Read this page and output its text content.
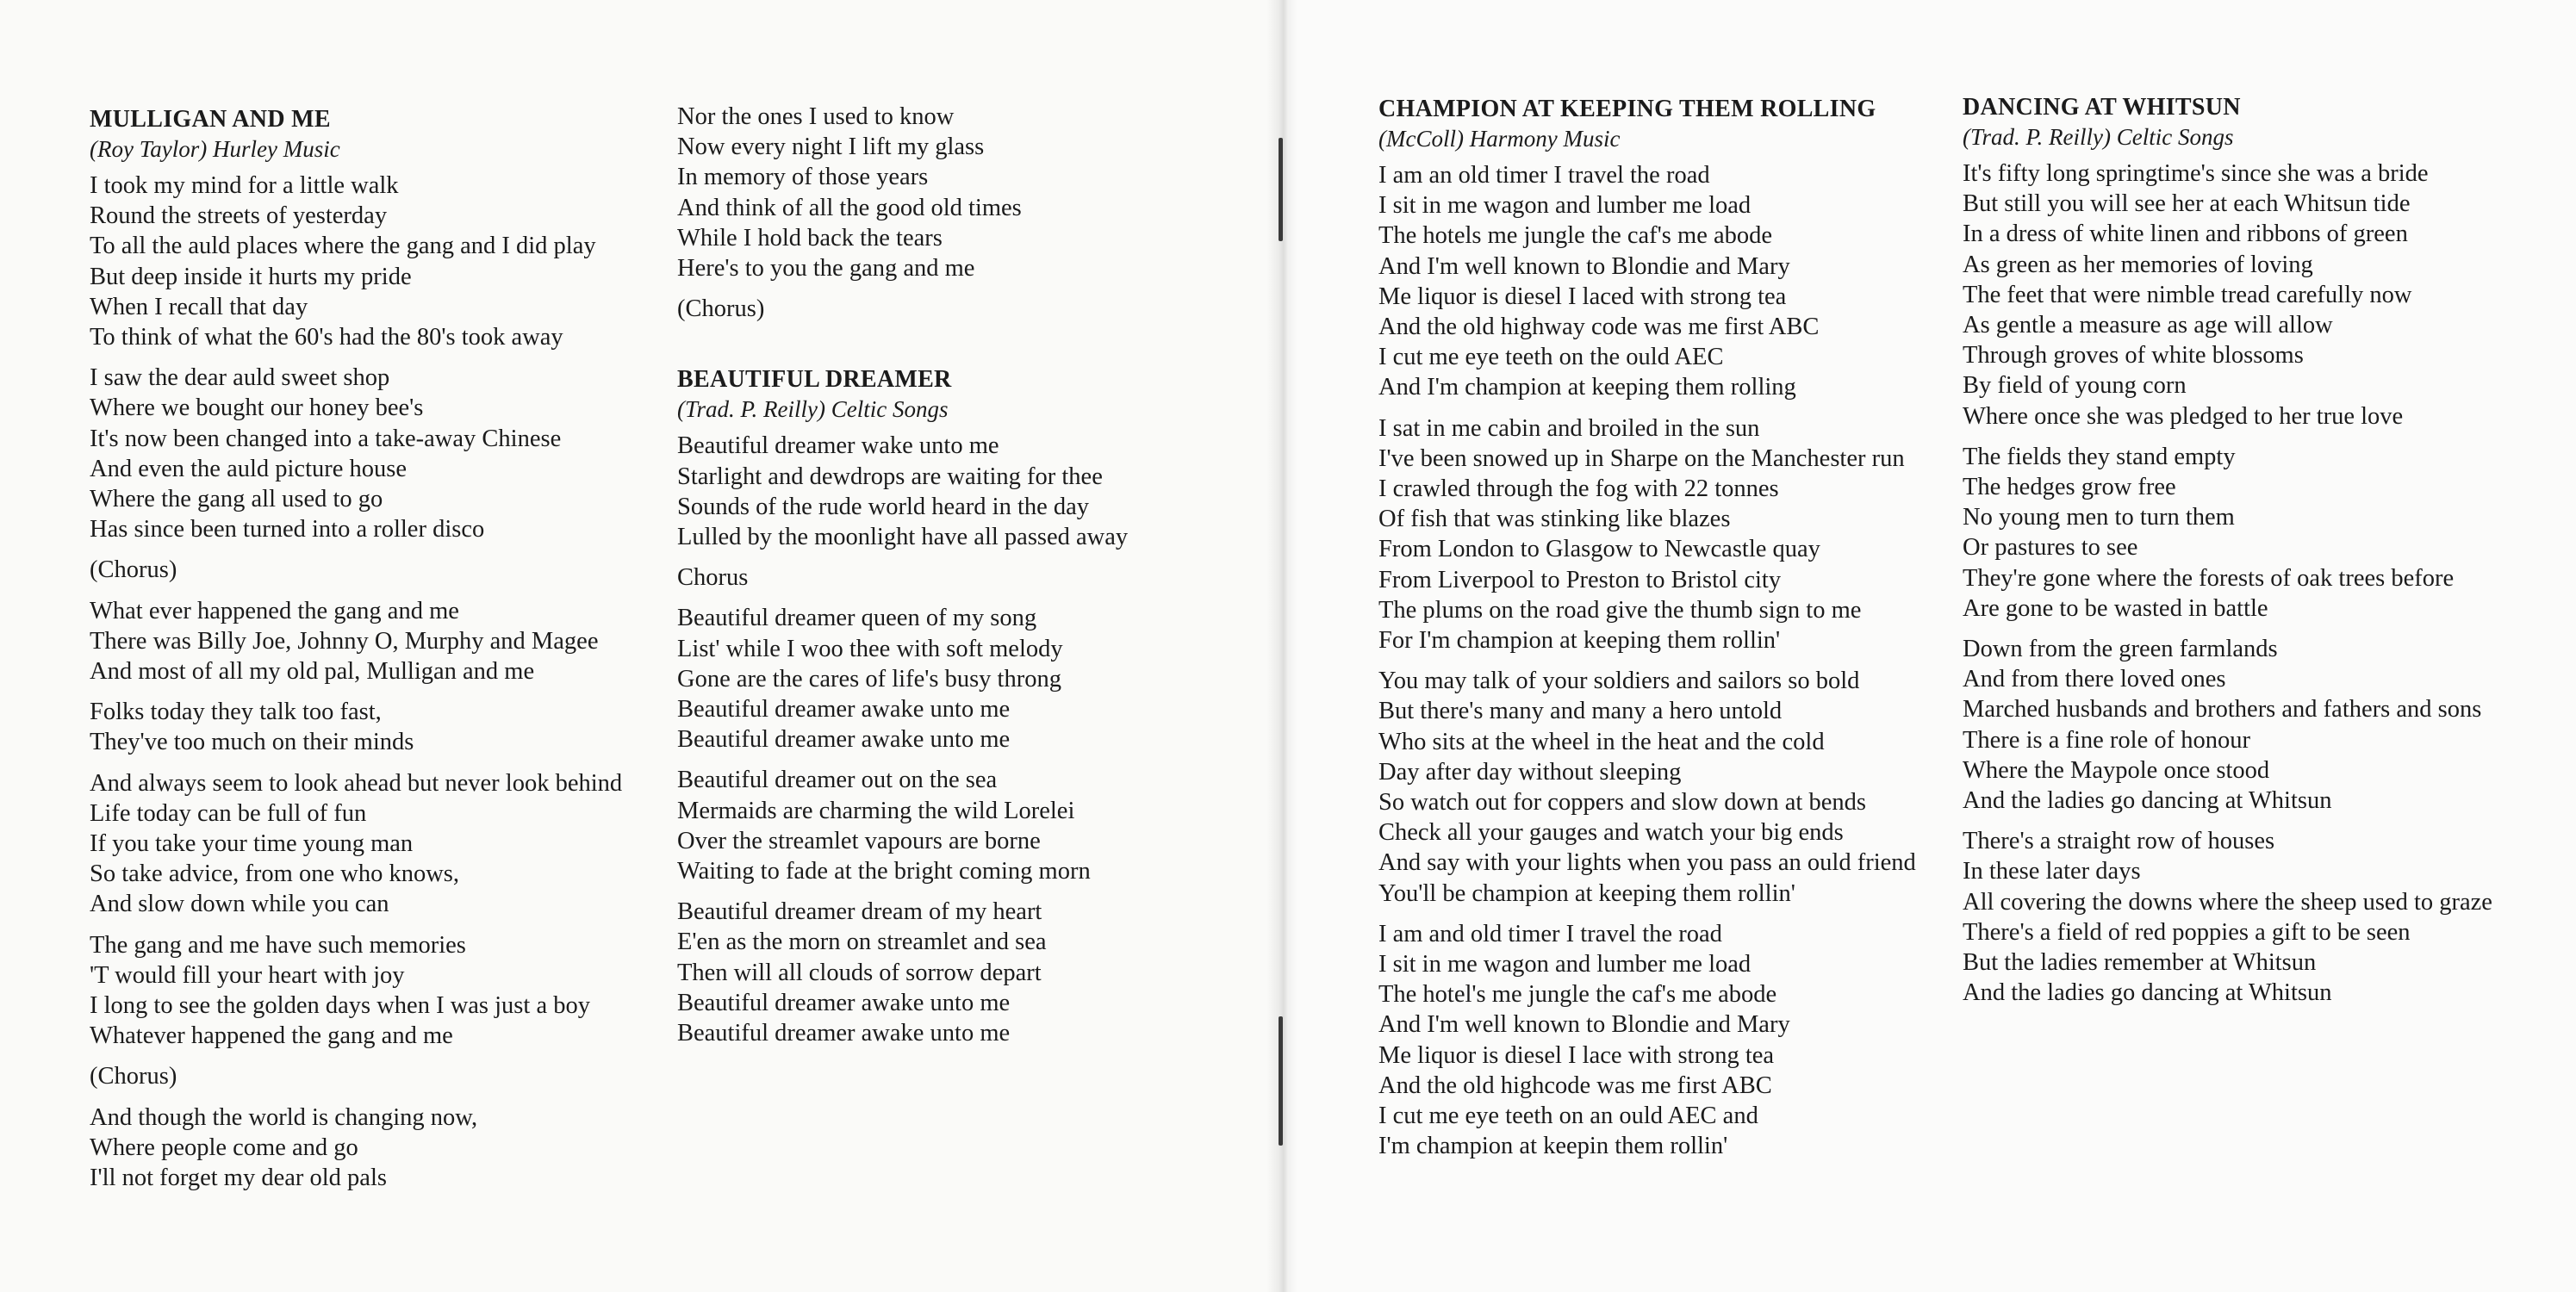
MULLIGAN AND ME
(Roy Taylor) Hurley Music
I took my mind for a little walk
Round the streets of yesterday
To all the auld places where the gang and I did play
But deep inside it hurts my pride
When I recall that day
To think of what the 60's had the 80's took away
I saw the dear auld sweet shop
Where we bought our honey bee's
It's now been changed into a take-away Chinese
And even the auld picture house
Where the gang all used to go
Has since been turned into a roller disco
(Chorus)
What ever happened the gang and me
There was Billy Joe, Johnny O, Murphy and Magee
And most of all my old pal, Mulligan and me
Folks today they talk too fast,
They've too much on their minds
And always seem to look ahead but never look behind
Life today can be full of fun
If you take your time young man
So take advice, from one who knows,
And slow down while you can
The gang and me have such memories
'T would fill your heart with joy
I long to see the golden days when I was just a boy
Whatever happened the gang and me
(Chorus)
And though the world is changing now,
Where people come and go
I'll not forget my dear old pals
Nor the ones I used to know
Now every night I lift my glass
In memory of those years
And think of all the good old times
While I hold back the tears
Here's to you the gang and me
(Chorus)
BEAUTIFUL DREAMER
(Trad. P. Reilly) Celtic Songs
Beautiful dreamer wake unto me
Starlight and dewdrops are waiting for thee
Sounds of the rude world heard in the day
Lulled by the moonlight have all passed away
Chorus
Beautiful dreamer queen of my song
List' while I woo thee with soft melody
Gone are the cares of life's busy throng
Beautiful dreamer awake unto me
Beautiful dreamer awake unto me
Beautiful dreamer out on the sea
Mermaids are charming the wild Lorelei
Over the streamlet vapours are borne
Waiting to fade at the bright coming morn
Beautiful dreamer dream of my heart
E'en as the morn on streamlet and sea
Then will all clouds of sorrow depart
Beautiful dreamer awake unto me
Beautiful dreamer awake unto me
CHAMPION AT KEEPING THEM ROLLING
(McColl) Harmony Music
I am an old timer I travel the road
I sit in me wagon and lumber me load
The hotels me jungle the caf's me abode
And I'm well known to Blondie and Mary
Me liquor is diesel I laced with strong tea
And the old highway code was me first ABC
I cut me eye teeth on the ould AEC
And I'm champion at keeping them rolling
I sat in me cabin and broiled in the sun
I've been snowed up in Sharpe on the Manchester run
I crawled through the fog with 22 tonnes
Of fish that was stinking like blazes
From London to Glasgow to Newcastle quay
From Liverpool to Preston to Bristol city
The plums on the road give the thumb sign to me
For I'm champion at keeping them rollin'
You may talk of your soldiers and sailors so bold
But there's many and many a hero untold
Who sits at the wheel in the heat and the cold
Day after day without sleeping
So watch out for coppers and slow down at bends
Check all your gauges and watch your big ends
And say with your lights when you pass an ould friend
You'll be champion at keeping them rollin'
I am and old timer I travel the road
I sit in me wagon and lumber me load
The hotel's me jungle the caf's me abode
And I'm well known to Blondie and Mary
Me liquor is diesel I lace with strong tea
And the old highcode was me first ABC
I cut me eye teeth on an ould AEC and
I'm champion at keepin them rollin'
DANCING AT WHITSUN
(Trad. P. Reilly) Celtic Songs
It's fifty long springtime's since she was a bride
But still you will see her at each Whitsun tide
In a dress of white linen and ribbons of green
As green as her memories of loving
The feet that were nimble tread carefully now
As gentle a measure as age will allow
Through groves of white blossoms
By field of young corn
Where once she was pledged to her true love
The fields they stand empty
The hedges grow free
No young men to turn them
Or pastures to see
They're gone where the forests of oak trees before
Are gone to be wasted in battle
Down from the green farmlands
And from there loved ones
Marched husbands and brothers and fathers and sons
There is a fine role of honour
Where the Maypole once stood
And the ladies go dancing at Whitsun
There's a straight row of houses
In these later days
All covering the downs where the sheep used to graze
There's a field of red poppies a gift to be seen
But the ladies remember at Whitsun
And the ladies go dancing at Whitsun
